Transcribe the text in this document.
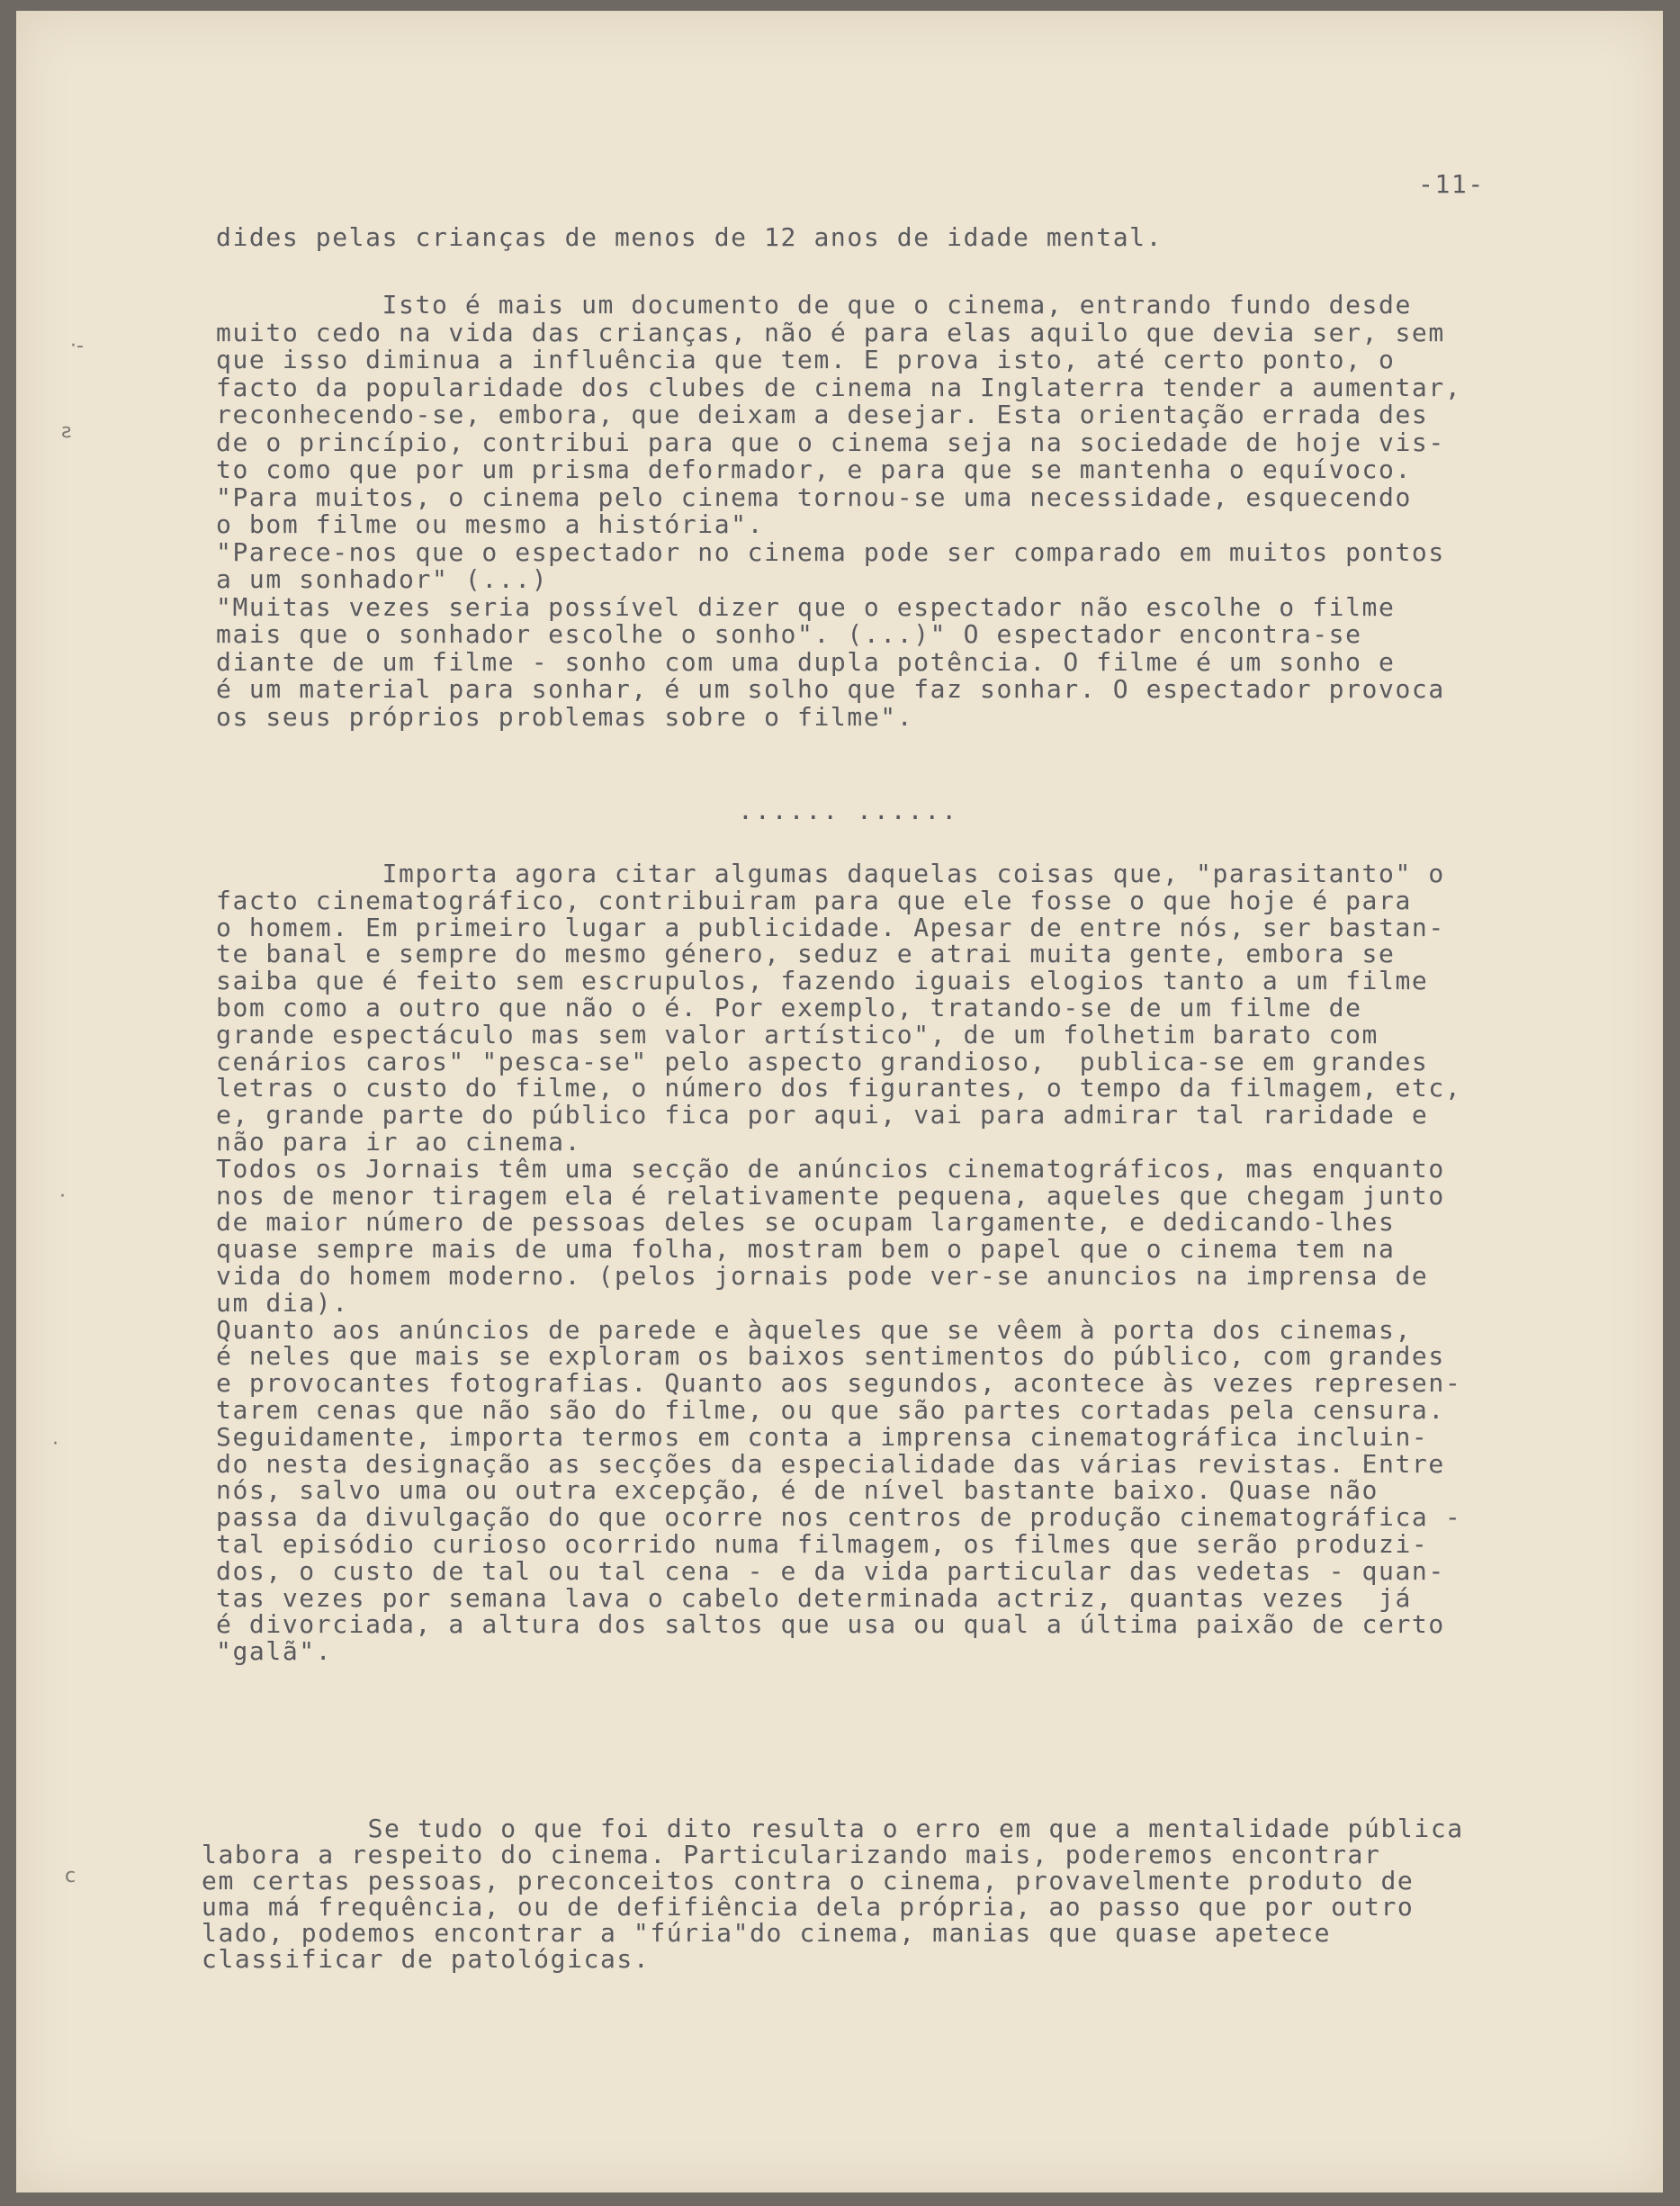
·-
ꙅ
·
·
ᴄ

-11-

dides pelas crianças de menos de 12 anos de idade mental.

Isto é mais um documento de que o cinema, entrando fundo desde
muito cedo na vida das crianças, não é para elas aquilo que devia ser, sem
que isso diminua a influência que tem. E prova isto, até certo ponto, o
facto da popularidade dos clubes de cinema na Inglaterra tender a aumentar,
reconhecendo-se, embora, que deixam a desejar. Esta orientação errada des
de o princípio, contribui para que o cinema seja na sociedade de hoje vis-
to como que por um prisma deformador, e para que se mantenha o equívoco.
"Para muitos, o cinema pelo cinema tornou-se uma necessidade, esquecendo
o bom filme ou mesmo a história".
"Parece-nos que o espectador no cinema pode ser comparado em muitos pontos
a um sonhador" (...)
"Muitas vezes seria possível dizer que o espectador não escolhe o filme
mais que o sonhador escolhe o sonho". (...)" O espectador encontra-se
diante de um filme - sonho com uma dupla potência. O filme é um sonho e
é um material para sonhar, é um solho que faz sonhar. O espectador provoca
os seus próprios problemas sobre o filme".

...... ......

Importa agora citar algumas daquelas coisas que, "parasitanto" o
facto cinematográfico, contribuiram para que ele fosse o que hoje é para
o homem. Em primeiro lugar a publicidade. Apesar de entre nós, ser bastan-
te banal e sempre do mesmo género, seduz e atrai muita gente, embora se
saiba que é feito sem escrupulos, fazendo iguais elogios tanto a um filme
bom como a outro que não o é. Por exemplo, tratando-se de um filme de
grande espectáculo mas sem valor artístico", de um folhetim barato com
cenários caros" "pesca-se" pelo aspecto grandioso,  publica-se em grandes
letras o custo do filme, o número dos figurantes, o tempo da filmagem, etc,
e, grande parte do público fica por aqui, vai para admirar tal raridade e
não para ir ao cinema.
Todos os Jornais têm uma secção de anúncios cinematográficos, mas enquanto
nos de menor tiragem ela é relativamente pequena, aqueles que chegam junto
de maior número de pessoas deles se ocupam largamente, e dedicando-lhes
quase sempre mais de uma folha, mostram bem o papel que o cinema tem na
vida do homem moderno. (pelos jornais pode ver-se anuncios na imprensa de
um dia).
Quanto aos anúncios de parede e àqueles que se vêem à porta dos cinemas,
é neles que mais se exploram os baixos sentimentos do público, com grandes
e provocantes fotografias. Quanto aos segundos, acontece às vezes represen-
tarem cenas que não são do filme, ou que são partes cortadas pela censura.
Seguidamente, importa termos em conta a imprensa cinematográfica incluin-
do nesta designação as secções da especialidade das várias revistas. Entre
nós, salvo uma ou outra excepção, é de nível bastante baixo. Quase não
passa da divulgação do que ocorre nos centros de produção cinematográfica -
tal episódio curioso ocorrido numa filmagem, os filmes que serão produzi-
dos, o custo de tal ou tal cena - e da vida particular das vedetas - quan-
tas vezes por semana lava o cabelo determinada actriz, quantas vezes  já
é divorciada, a altura dos saltos que usa ou qual a última paixão de certo
"galã".

Se tudo o que foi dito resulta o erro em que a mentalidade pública
labora a respeito do cinema. Particularizando mais, poderemos encontrar
em certas pessoas, preconceitos contra o cinema, provavelmente produto de
uma má frequência, ou de defifiência dela própria, ao passo que por outro
lado, podemos encontrar a "fúria"do cinema, manias que quase apetece
classificar de patológicas.
